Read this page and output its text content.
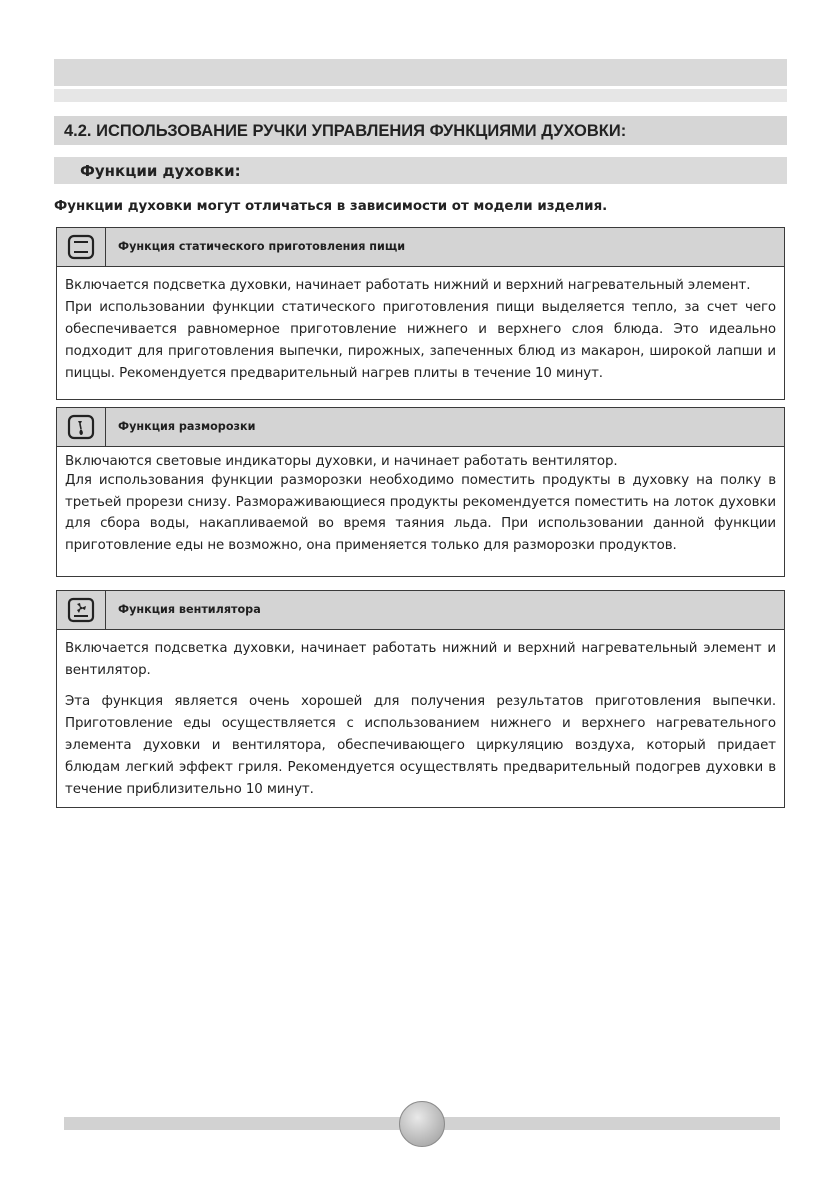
4.2. ИСПОЛЬЗОВАНИЕ РУЧКИ УПРАВЛЕНИЯ ФУНКЦИЯМИ ДУХОВКИ:
Функции духовки:
Функции духовки могут отличаться в зависимости от модели изделия.
Функция статического приготовления пищи

Включается подсветка духовки, начинает работать нижний и верхний нагревательный элемент.

При использовании функции статического приготовления пищи выделяется тепло, за счет чего обеспечивается равномерное приготовление нижнего и верхнего слоя блюда. Это идеально подходит для приготовления выпечки, пирожных, запеченных блюд из макарон, широкой лапши и пиццы. Рекомендуется предварительный нагрев плиты в течение 10 минут.

Функция разморозки

Включаются световые индикаторы духовки, и начинает работать вентилятор.

Для использования функции разморозки необходимо поместить продукты в духовку на полку в третьей прорези снизу. Размораживающиеся продукты рекомендуется поместить на лоток духовки для сбора воды, накапливаемой во время таяния льда. При использовании данной функции приготовление еды не возможно, она применяется только для разморозки продуктов.

Функция вентилятора

Включается подсветка духовки, начинает работать нижний и верхний нагревательный элемент и вентилятор.

Эта функция является очень хорошей для получения результатов приготовления выпечки. Приготовление еды осуществляется с использованием нижнего и верхнего нагревательного элемента духовки и вентилятора, обеспечивающего циркуляцию воздуха, который придает блюдам легкий эффект гриля. Рекомендуется осуществлять предварительный подогрев духовки в течение приблизительно 10 минут.
